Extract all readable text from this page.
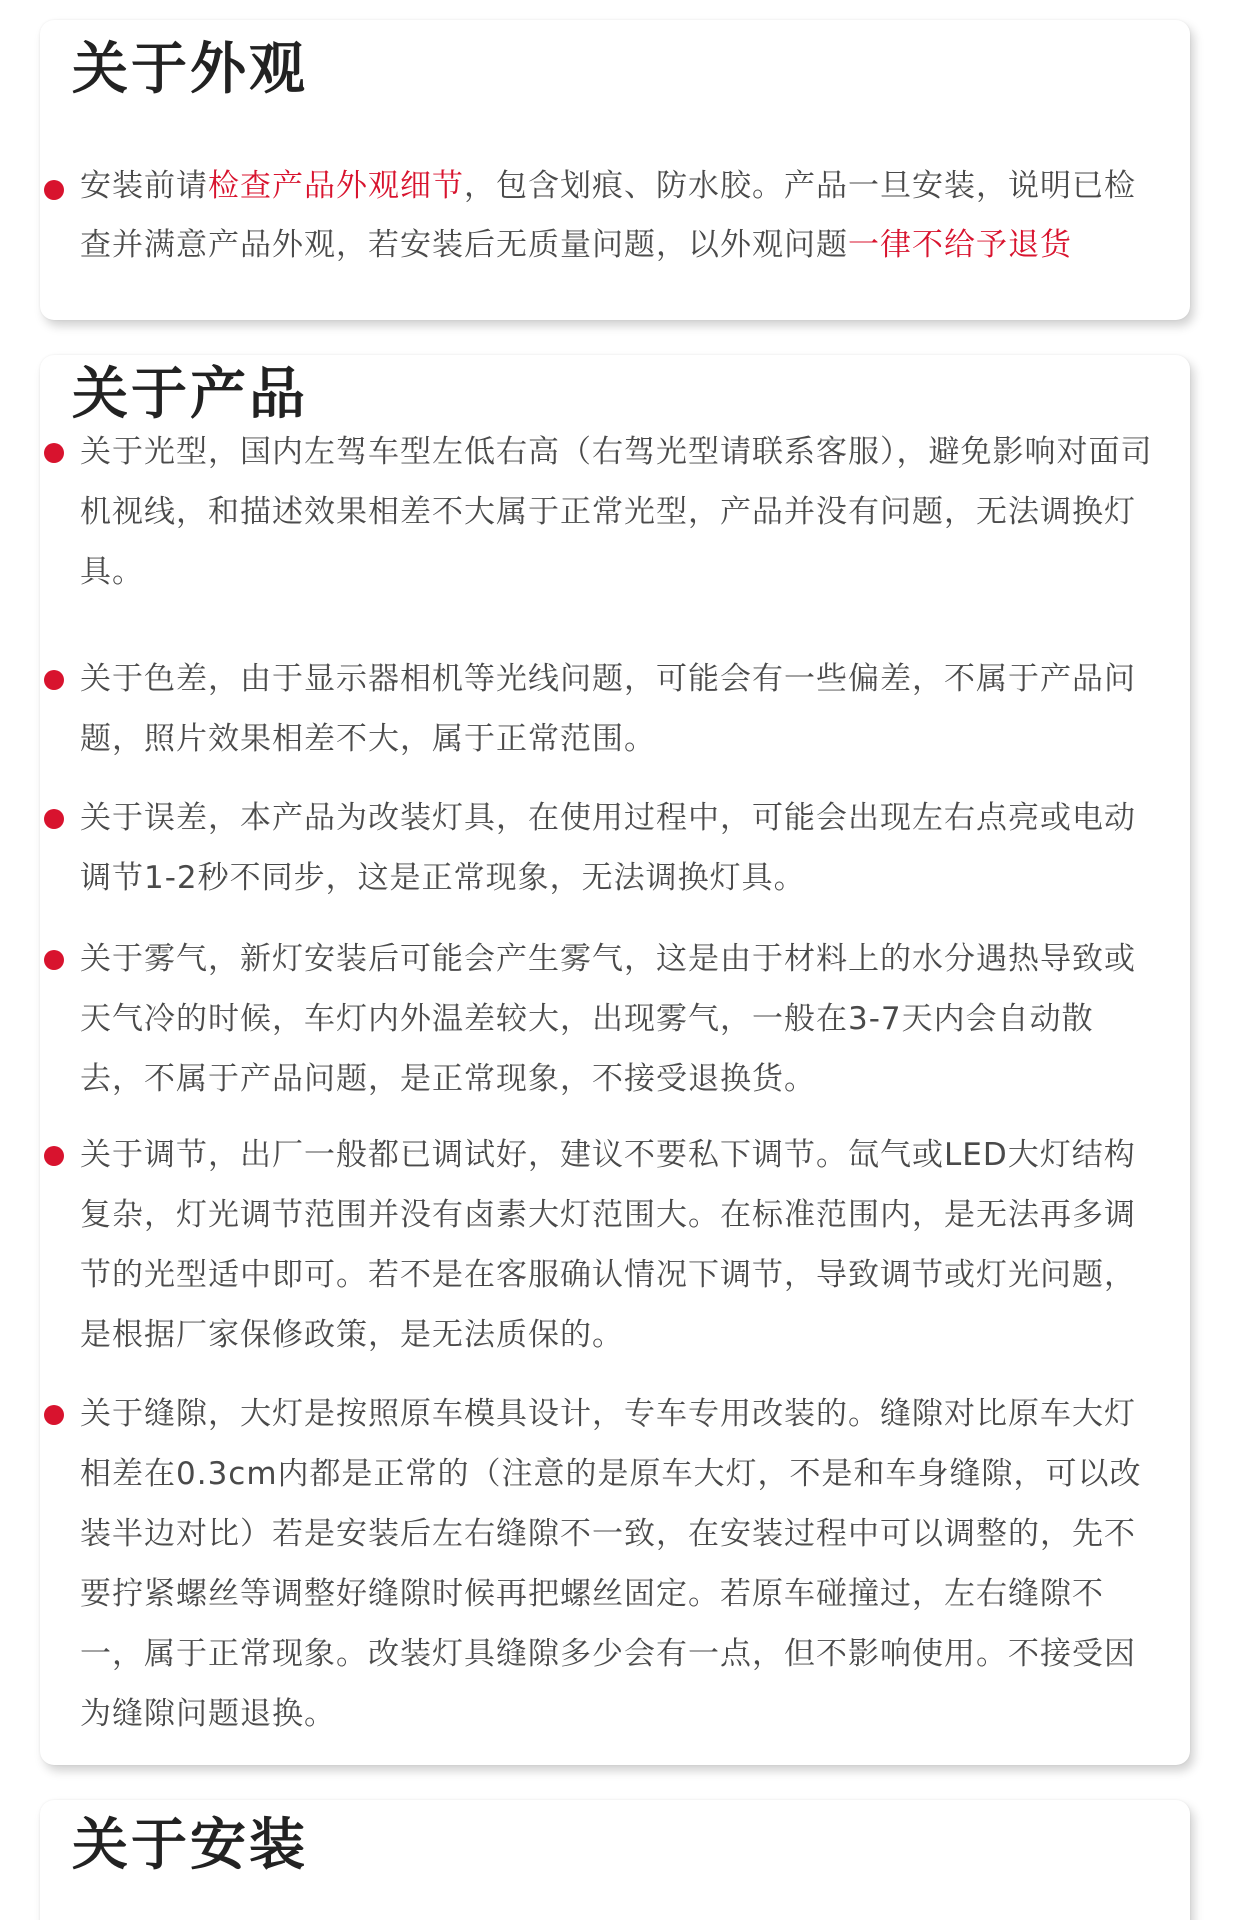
关于外观

安装前请检查产品外观细节，包含划痕、防水胶。产品一旦安装，说明已检查并满意产品外观，若安装后无质量问题，以外观问题一律不给予退货

关于产品

关于光型，国内左驾车型左低右高（右驾光型请联系客服），避免影响对面司机视线，和描述效果相差不大属于正常光型，产品并没有问题，无法调换灯具。

关于色差，由于显示器相机等光线问题，可能会有一些偏差，不属于产品问题，照片效果相差不大，属于正常范围。

关于误差，本产品为改装灯具，在使用过程中，可能会出现左右点亮或电动调节1-2秒不同步，这是正常现象，无法调换灯具。

关于雾气，新灯安装后可能会产生雾气，这是由于材料上的水分遇热导致或天气冷的时候，车灯内外温差较大，出现雾气，一般在3-7天内会自动散去，不属于产品问题，是正常现象，不接受退换货。

关于调节，出厂一般都已调试好，建议不要私下调节。氙气或LED大灯结构复杂，灯光调节范围并没有卤素大灯范围大。在标准范围内，是无法再多调节的光型适中即可。若不是在客服确认情况下调节，导致调节或灯光问题，是根据厂家保修政策，是无法质保的。

关于缝隙，大灯是按照原车模具设计，专车专用改装的。缝隙对比原车大灯相差在0.3cm内都是正常的（注意的是原车大灯，不是和车身缝隙，可以改装半边对比）若是安装后左右缝隙不一致，在安装过程中可以调整的，先不要拧紧螺丝等调整好缝隙时候再把螺丝固定。若原车碰撞过，左右缝隙不一，属于正常现象。改装灯具缝隙多少会有一点，但不影响使用。不接受因为缝隙问题退换。

关于安装
